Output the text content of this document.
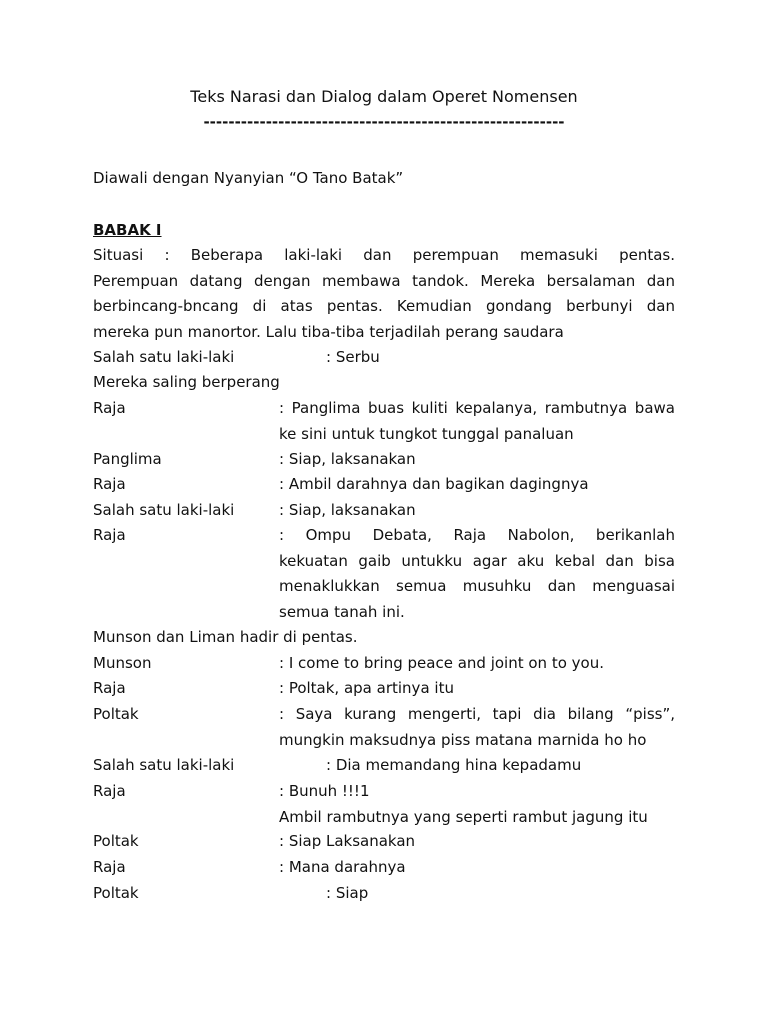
Teks Narasi dan Dialog dalam Operet Nomensen
----------------------------------------------------------
Diawali dengan Nyanyian “O Tano Batak”
BABAK I
Situasi : Beberapa laki-laki dan perempuan memasuki pentas.
Perempuan datang dengan membawa tandok. Mereka bersalaman dan
berbincang-bncang di atas pentas. Kemudian gondang berbunyi dan
mereka pun manortor. Lalu tiba-tiba terjadilah perang saudara
Salah satu laki-laki	: Serbu
Mereka saling berperang
Raja	: Panglima buas kuliti kepalanya, rambutnya bawa
ke sini untuk tungkot tunggal panaluan
Panglima	: Siap, laksanakan
Raja	: Ambil darahnya dan bagikan dagingnya
Salah satu laki-laki	: Siap, laksanakan
Raja	: Ompu Debata, Raja Nabolon, berikanlah
kekuatan gaib untukku agar aku kebal dan bisa
menaklukkan semua musuhku dan menguasai
semua tanah ini.
Munson dan Liman hadir di pentas.
Munson	: I come to bring peace and joint on to you.
Raja	: Poltak, apa artinya itu
Poltak	: Saya kurang mengerti, tapi dia bilang “piss”,
mungkin maksudnya piss matana marnida ho ho
Salah satu laki-laki	: Dia memandang hina kepadamu
Raja	: Bunuh !!!1
Ambil rambutnya yang seperti rambut jagung itu
Poltak	: Siap Laksanakan
Raja	: Mana darahnya
Poltak	: Siap
